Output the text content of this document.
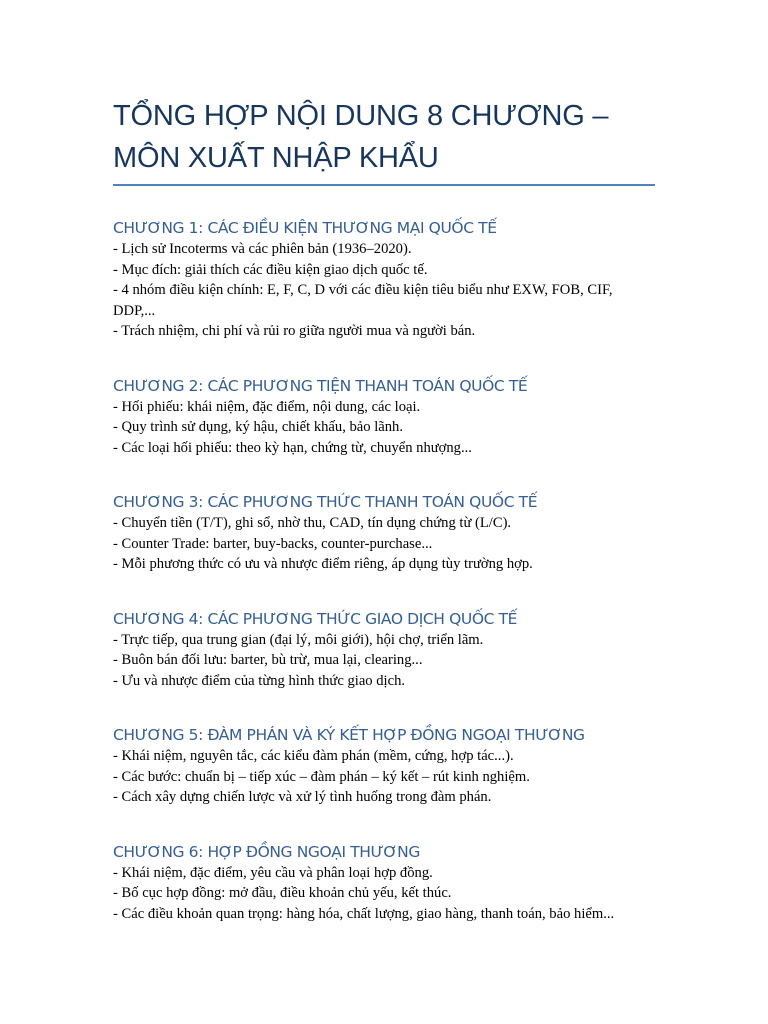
TỔNG HỢP NỘI DUNG 8 CHƯƠNG –
MÔN XUẤT NHẬP KHẨU
CHƯƠNG 1: CÁC ĐIỀU KIỆN THƯƠNG MẠI QUỐC TẾ
- Lịch sử Incoterms và các phiên bản (1936–2020).
- Mục đích: giải thích các điều kiện giao dịch quốc tế.
- 4 nhóm điều kiện chính: E, F, C, D với các điều kiện tiêu biểu như EXW, FOB, CIF, DDP,...
- Trách nhiệm, chi phí và rủi ro giữa người mua và người bán.
CHƯƠNG 2: CÁC PHƯƠNG TIỆN THANH TOÁN QUỐC TẾ
- Hối phiếu: khái niệm, đặc điểm, nội dung, các loại.
- Quy trình sử dụng, ký hậu, chiết khấu, bảo lãnh.
- Các loại hối phiếu: theo kỳ hạn, chứng từ, chuyển nhượng...
CHƯƠNG 3: CÁC PHƯƠNG THỨC THANH TOÁN QUỐC TẾ
- Chuyển tiền (T/T), ghi sổ, nhờ thu, CAD, tín dụng chứng từ (L/C).
- Counter Trade: barter, buy-backs, counter-purchase...
- Mỗi phương thức có ưu và nhược điểm riêng, áp dụng tùy trường hợp.
CHƯƠNG 4: CÁC PHƯƠNG THỨC GIAO DỊCH QUỐC TẾ
- Trực tiếp, qua trung gian (đại lý, môi giới), hội chợ, triển lãm.
- Buôn bán đối lưu: barter, bù trừ, mua lại, clearing...
- Ưu và nhược điểm của từng hình thức giao dịch.
CHƯƠNG 5: ĐÀM PHÁN VÀ KÝ KẾT HỢP ĐỒNG NGOẠI THƯƠNG
- Khái niệm, nguyên tắc, các kiểu đàm phán (mềm, cứng, hợp tác...).
- Các bước: chuẩn bị – tiếp xúc – đàm phán – ký kết – rút kinh nghiệm.
- Cách xây dựng chiến lược và xử lý tình huống trong đàm phán.
CHƯƠNG 6: HỢP ĐỒNG NGOẠI THƯƠNG
- Khái niệm, đặc điểm, yêu cầu và phân loại hợp đồng.
- Bố cục hợp đồng: mở đầu, điều khoản chủ yếu, kết thúc.
- Các điều khoản quan trọng: hàng hóa, chất lượng, giao hàng, thanh toán, bảo hiểm...
